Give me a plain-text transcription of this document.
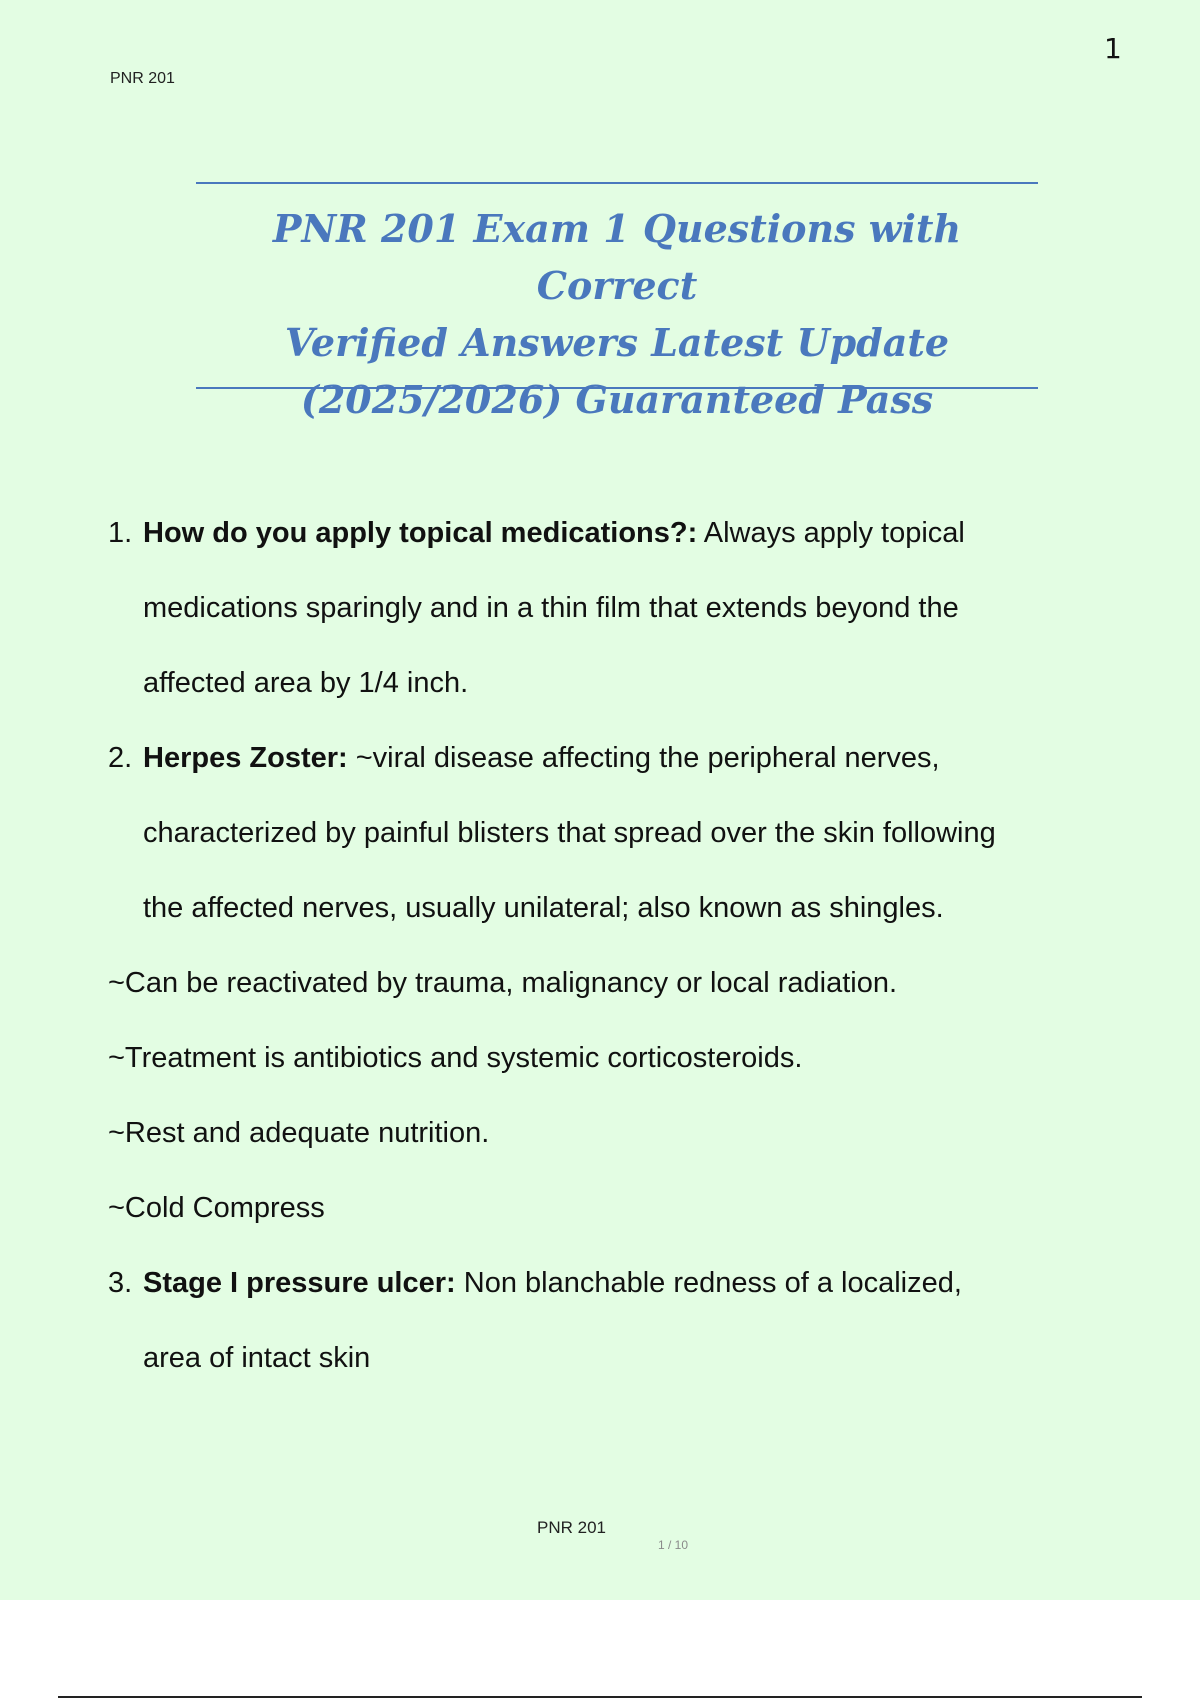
1
PNR 201
PNR 201 Exam 1 Questions with Correct
Verified Answers Latest Update
(2025/2026) Guaranteed Pass
1. How do you apply topical medications?: Always apply topical
medications sparingly and in a thin film that extends beyond the
affected area by 1/4 inch.
2. Herpes Zoster: ~viral disease affecting the peripheral nerves,
characterized by painful blisters that spread over the skin following
the affected nerves, usually unilateral; also known as shingles.
~Can be reactivated by trauma, malignancy or local radiation.
~Treatment is antibiotics and systemic corticosteroids.
~Rest and adequate nutrition.
~Cold Compress
3. Stage I pressure ulcer: Non blanchable redness of a localized,
area of intact skin
PNR 201
1 / 10
